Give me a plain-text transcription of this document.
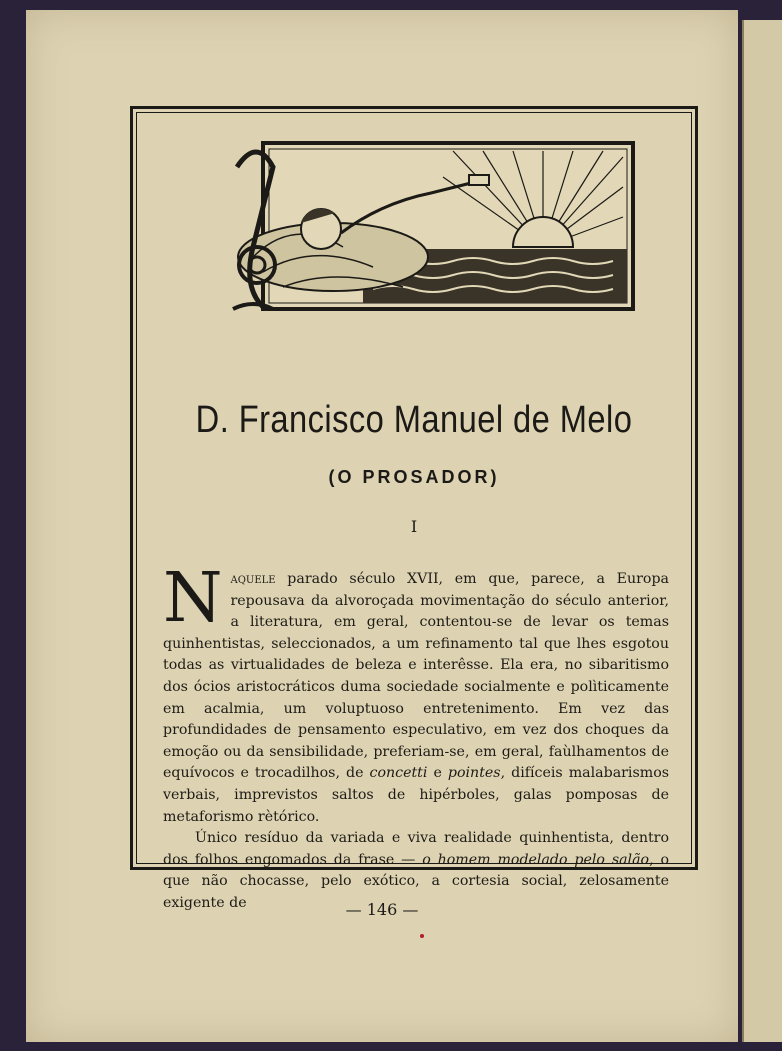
D. Francisco Manuel de Melo
(O PROSADOR)
I

Naquele parado século XVII, em que, parece, a Europa repousava da alvoroçada movimentação do século anterior, a literatura, em geral, contentou-se de levar os temas quinhentistas, seleccionados, a um refinamento tal que lhes esgotou todas as virtualidades de beleza e interêsse. Ela era, no sibaritismo dos ócios aristocráticos duma sociedade socialmente e polìticamente em acalmia, um voluptuoso entretenimento. Em vez das profundidades de pensamento especulativo, em vez dos choques da emoção ou da sensibilidade, preferiam-se, em geral, faùlhamentos de equívocos e trocadilhos, de concetti e pointes, difíceis malabarismos verbais, imprevistos saltos de hipérboles, galas pomposas de metaforismo rètórico.

Único resíduo da variada e viva realidade quinhentista, dentro dos folhos engomados da frase — o homem modelado pelo salão, o que não chocasse, pelo exótico, a cortesia social, zelosamente exigente de	— 146 —
